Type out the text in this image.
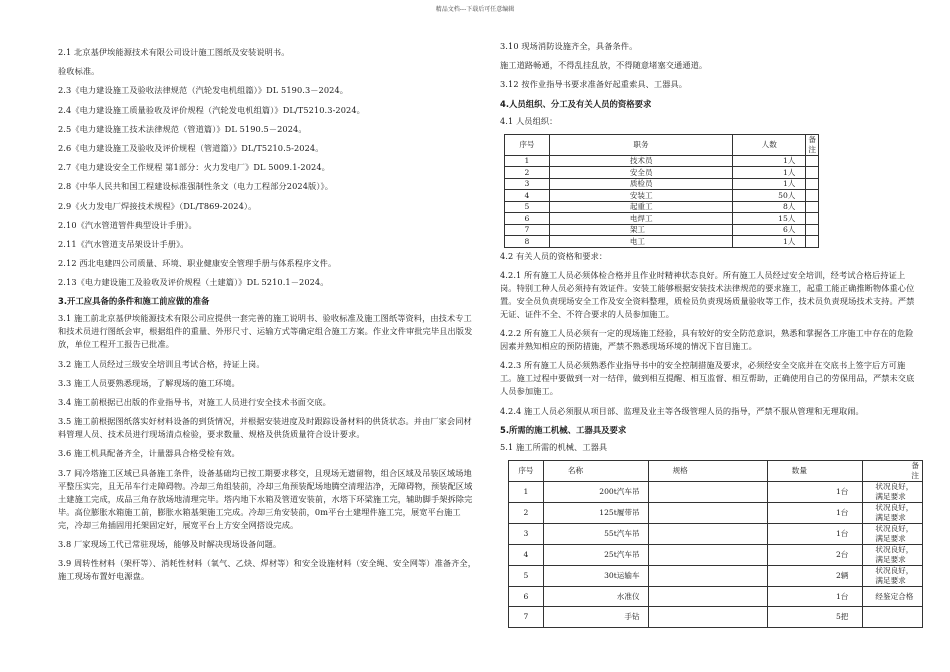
精品文档---下载后可任意编辑
2.1 北京基伊埃能源技术有限公司设计施工图纸及安装说明书。
验收标准。
2.3《电力建设施工及验收法律规范（汽轮发电机组篇）》DL 5190.3－2024。
2.4《电力建设施工质量验收及评价规程（汽轮发电机组篇）》DL/T5210.3-2024。
2.5《电力建设施工技术法律规范（管道篇）》DL 5190.5－2024。
2.6《电力建设施工及验收及评价规程（管道篇）》DL/T5210.5-2024。
2.7《电力建设安全工作规程 第1部分：火力发电厂》DL 5009.1-2024。
2.8《中华人民共和国工程建设标准强制性条文（电力工程部分2024版）》。
2.9《火力发电厂焊接技术规程》（DL/T869-2024）。
2.10《汽水管道管件典型设计手册》。
2.11《汽水管道支吊架设计手册》。
2.12 西北电建四公司质量、环境、职业健康安全管理手册与体系程序文件。
2.13《电力建设施工及验收及评价规程（土建篇）》DL 5210.1－2024。
3.开工应具备的条件和施工前应做的准备
3.1 施工前北京基伊埃能源技术有限公司应提供一套完善的施工说明书、验收标准及施工图纸等资料，由技术专工和技术员进行图纸会审，根据组件的重量、外形尺寸、运输方式等确定组合施工方案。作业文件审批完毕且出版发放，单位工程开工报告已批准。
3.2 施工人员经过三级安全培训且考试合格，持证上岗。
3.3 施工人员要熟悉现场，了解现场的施工环境。
3.4 施工前根据已出版的作业指导书，对施工人员进行安全技术书面交底。
3.5 施工前根据图纸落实好材料设备的到货情况，并根据安装进度及时跟踪设备材料的供货状态。并由厂家会同材料管理人员、技术员进行现场清点检验，要求数量、规格及供货质量符合设计要求。
3.6 施工机具配备齐全，计量器具合格受检有效。
3.7 间冷塔施工区域已具备施工条件，设备基础均已按工期要求移交，且现场无遗留物，组合区域及吊装区域场地平整压实完，且无吊车行走障碍物。冷却三角组装前，冷却三角预装配场地腾空清理洁净，无障碍物，预装配区域土建施工完成，成品三角存放场地清理完毕。塔内地下水箱及管道安装前，水塔下环梁施工完，辅助脚手架拆除完毕。高位膨胀水箱施工前，膨胀水箱基架施工完成。冷却三角安装前，0m平台土建埋件施工完，展宽平台施工完，冷却三角插固用托架固定好，展宽平台上方安全网搭设完成。
3.8 厂家现场工代已常驻现场，能够及时解决现场设备问题。
3.9 周转性材料（架杆等）、消耗性材料（氧气、乙炔、焊材等）和安全设施材料（安全绳、安全网等）准备齐全，施工现场布置好电源盘。
3.10 现场消防设施齐全，具备条件。
施工道路畅通，不得乱挂乱放，不得随意堵塞交通通道。
3.12 按作业指导书要求准备好起重索具、工器具。
4.人员组织、分工及有关人员的资格要求
4.1 人员组织：
序号	职务	人数	备注
1	技术员	1人	
2	安全员	1人	
3	质检员	1人	
4	安装工	50人	
5	起重工	8人	
6	电焊工	15人	
7	架工	6人	
8	电工	1人	
4.2 有关人员的资格和要求：
4.2.1 所有施工人员必须体检合格并且作业时精神状态良好。所有施工人员经过安全培训，经考试合格后持证上岗。特别工种人员必须持有效证件。安装工能够根据安装技术法律规范的要求施工，起重工能正确推断物体重心位置。安全员负责现场安全工作及安全资料整理，质检员负责现场质量验收等工作，技术员负责现场技术支持。严禁无证、证件不全、不符合要求的人员参加施工。
4.2.2 所有施工人员必须有一定的现场施工经验，具有较好的安全防范意识，熟悉和掌握各工序施工中存在的危险因素并熟知相应的预防措施，严禁不熟悉现场环境的情况下盲目施工。
4.2.3 所有施工人员必须熟悉作业指导书中的安全控制措施及要求，必须经安全交底并在交底书上签字后方可施工。施工过程中要做到一对一结伴，做到相互提醒、相互监督、相互帮助，正确使用自己的劳保用品，严禁未交底人员参加施工。
4.2.4 施工人员必须服从项目部、监理及业主等各级管理人员的指导，严禁不服从管理和无理取闹。
5.所需的施工机械、工器具及要求
5.1 施工所需的机械、工器具
序号	名称	规格	数量	备注
1	200t汽车吊		1台	状况良好，满足要求
2	125t履带吊		1台	状况良好，满足要求
3	55t汽车吊		1台	状况良好，满足要求
4	25t汽车吊		2台	状况良好，满足要求
5	30t运输车		2辆	状况良好，满足要求
6	水准仪		1台	经鉴定合格
7	手钻		5把	
